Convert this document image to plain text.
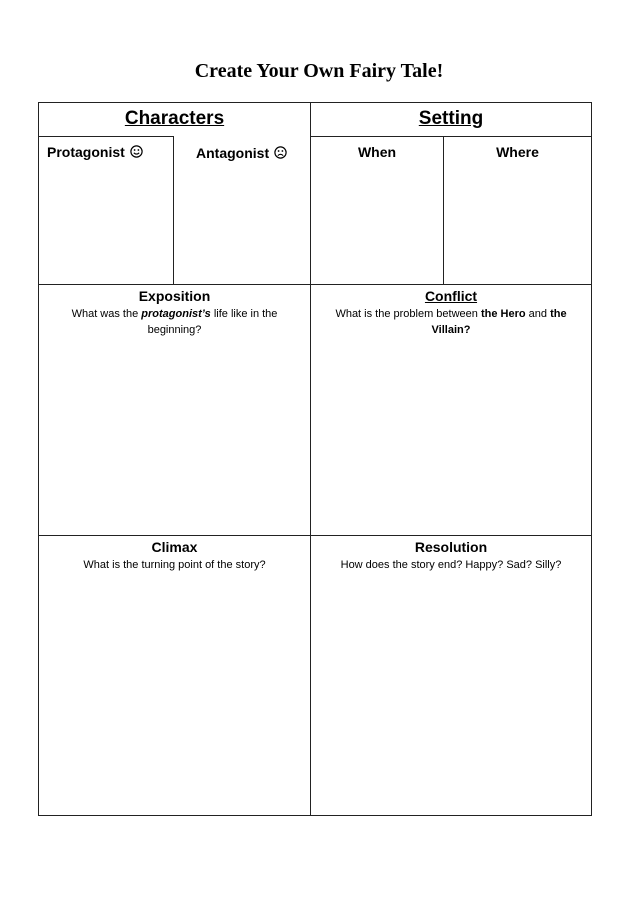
Create Your Own Fairy Tale!
Characters
Protagonist	Antagonist
Setting
When	Where
Exposition
What was the protagonist’s life like in the beginning?
Conflict
What is the problem between the Hero and the Villain?
Climax
What is the turning point of the story?
Resolution
How does the story end? Happy? Sad? Silly?
